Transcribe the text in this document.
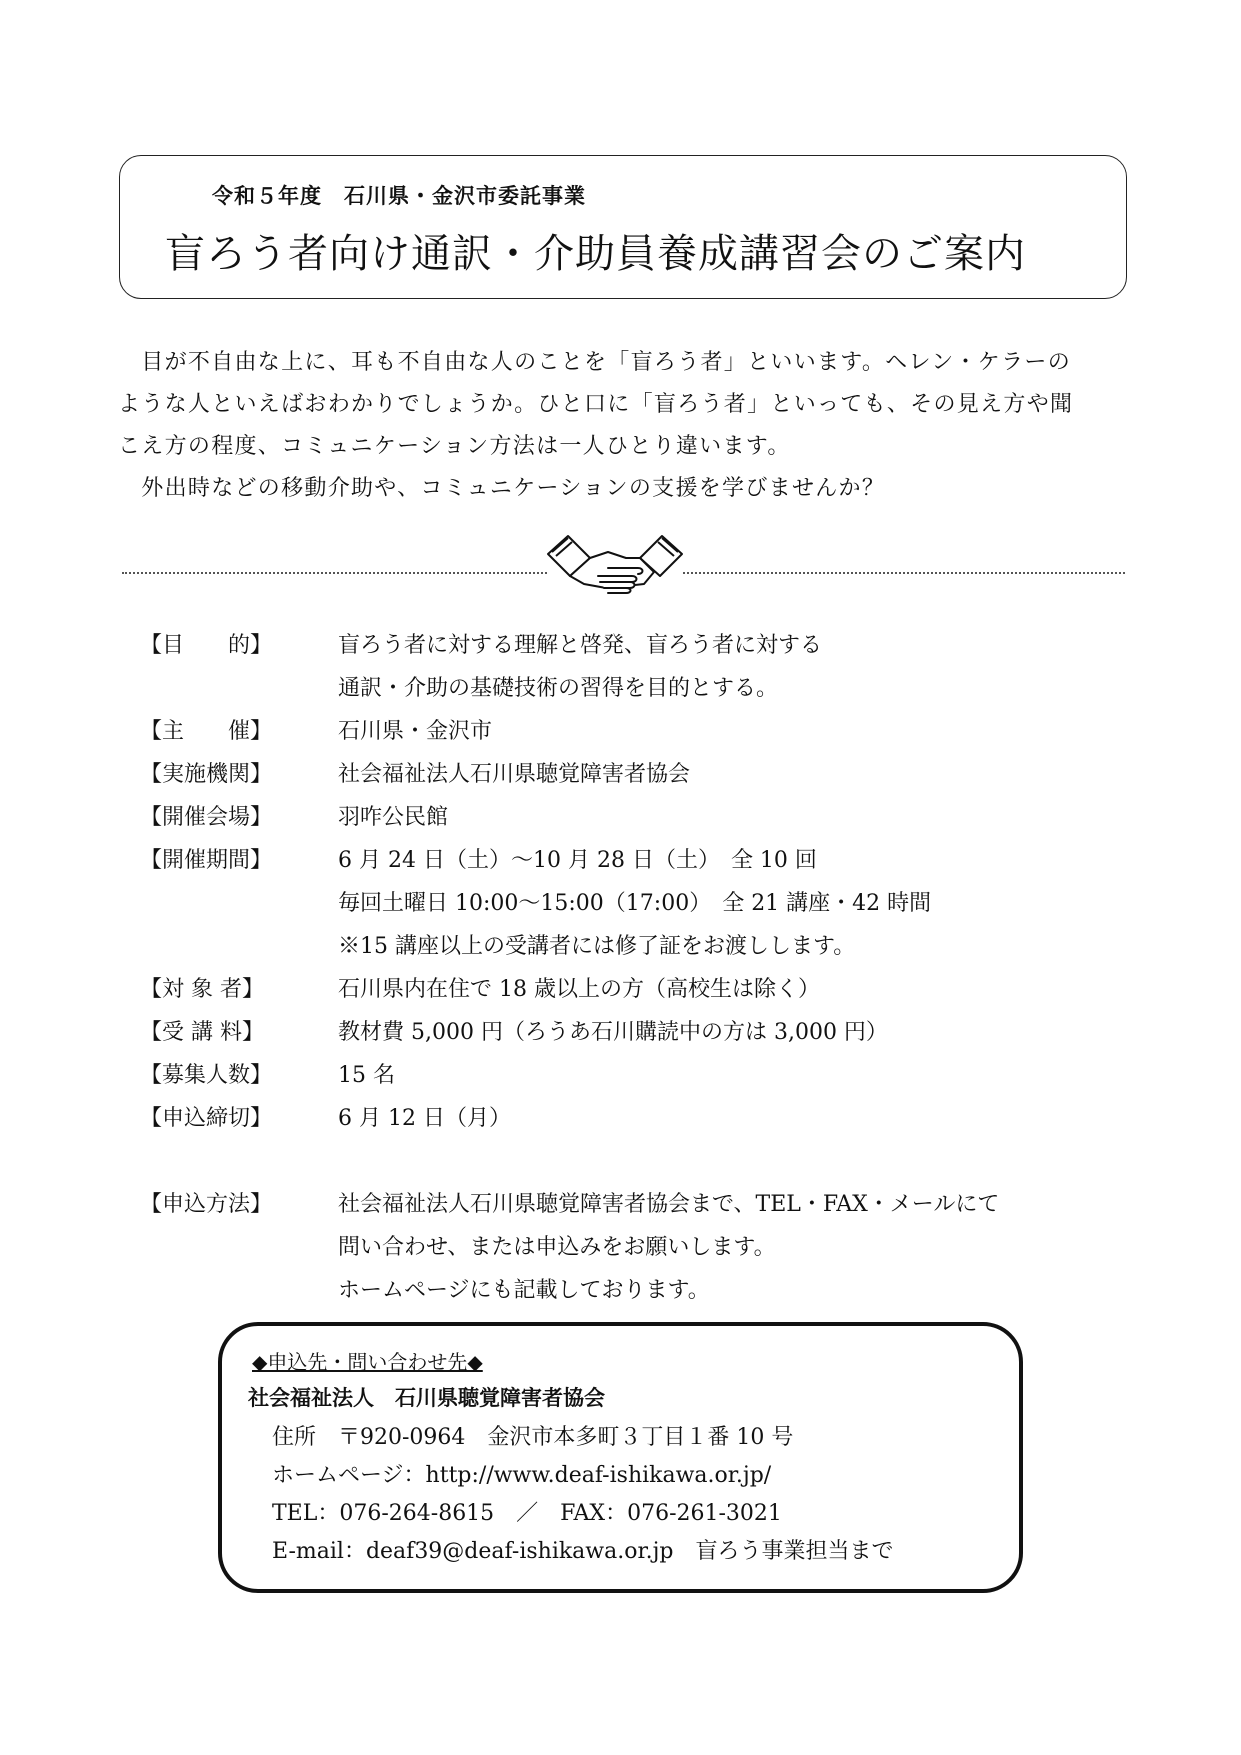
令和５年度　石川県・金沢市委託事業
盲ろう者向け通訳・介助員養成講習会のご案内
　目が不自由な上に、耳も不自由な人のことを「盲ろう者」といいます。ヘレン・ケラーの
ような人といえばおわかりでしょうか。ひと口に「盲ろう者」といっても、その見え方や聞
こえ方の程度、コミュニケーション方法は一人ひとり違います。
　外出時などの移動介助や、コミュニケーションの支援を学びませんか？
【目　　的】	盲ろう者に対する理解と啓発、盲ろう者に対する
通訳・介助の基礎技術の習得を目的とする。
【主　　催】	石川県・金沢市
【実施機関】	社会福祉法人石川県聴覚障害者協会
【開催会場】	羽咋公民館
【開催期間】	6 月 24 日（土）～10 月 28 日（土）　全 10 回
毎回土曜日 10:00～15:00（17:00）　全 21 講座・42 時間
※15 講座以上の受講者には修了証をお渡しします。
【対 象 者】	石川県内在住で 18 歳以上の方（高校生は除く）
【受 講 料】	教材費 5,000 円（ろうあ石川購読中の方は 3,000 円）
【募集人数】	15 名
【申込締切】	6 月 12 日（月）
【申込方法】	社会福祉法人石川県聴覚障害者協会まで、TEL・FAX・メールにて
問い合わせ、または申込みをお願いします。
ホームページにも記載しております。
◆申込先・問い合わせ先◆
社会福祉法人　石川県聴覚障害者協会
住所　〒920-0964　金沢市本多町３丁目１番 10 号
ホームページ：http://www.deaf-ishikawa.or.jp/
TEL：076-264-8615　／　FAX：076-261-3021
E-mail：deaf39@deaf-ishikawa.or.jp　盲ろう事業担当まで
